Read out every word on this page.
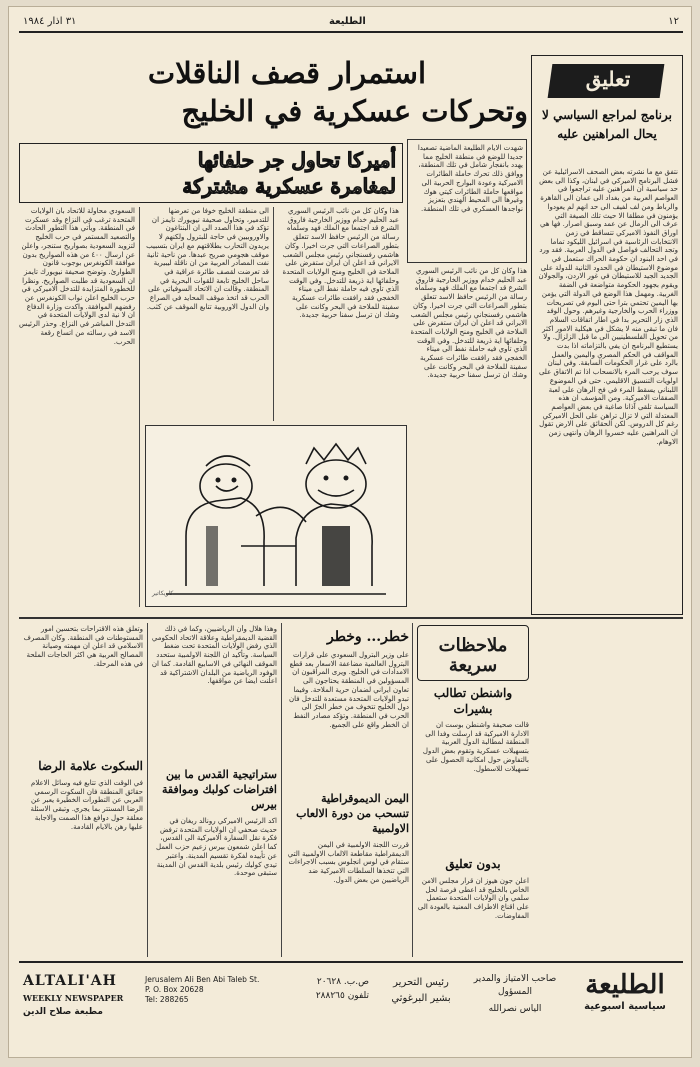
٣١ اذار ١٩٨٤	الطليعة	١٢
تعليق
برنامج لمراجع السياسي لا يحال المراهنين عليه
نتفق مع ما نشرته بعض الصحف الاسرائيلية عن فشل البرنامج الاميركي في لبنان، وكذا الى بعض حد سياسية ان المراهنين عليه تراجعوا في العواصم العربية من بغداد الى عمان الى القاهرة والرباط ومن لف لفيف الى حد انهم لم يعودوا يؤمنون في مطلقا الا حيث تلك الصيغة التي عرف الى الرمال عن عمد وسبق اصرار. فها هي اوراق النفوذ الاميركي تتساقط في زمن الانتخابات الرئاسية في اسرائيل الليكود تماما وتجد التحالف فواصل في الدول العربية. فقد ورد في احد البنود ان حكومة الحراك ستعمل في موضوع الاستيطان في الحدود الثانية للدولة على الجديد الجيد للاستيطان في غور الاردن، والجولان ويقوم بجهود الحكومة متواضعة في الضفة الغربية. ومهمل هذا الوضع في الدولة التي يؤمن بها اليمين تحتمي بترا حتى اليوم في تصريحات ووزراء الحرب والخارجية وغيرهم. وحول الوفد الذي زار التحرير بدا في اطار اتفاقات السلام فان ما تبقى منه لا يشكل في هيكلية الامور اكثر من تحويل الفلسطينيين الى ما قبل الزلزال. ولا يستطيع البرنامج ان يفي بالتزاماته اذا بدت المواقف في الحكم المصري واليمين والعمل بالرد على غرار الحكومات السابقة. وفي لبنان سوف يرحب المرء بالانسحاب اذا تم الاتفاق على اولويات التنسيق الاقليمي. حتى في الموضوع اللبناني يسقط المرء في فخ الرهان على لعبة الصفقات الاميركية. ومن المؤسف ان هذه السياسة تلقى آذانا صاغية في بعض العواصم المعتدلة التي لا تزال تراهن على الحل الاميركي رغم كل الدروس. لكن الحقائق على الارض تقول ان المراهنين عليه خسروا الرهان وانتهى زمن الاوهام.
استمرار قصف الناقلات
وتحركات عسكرية في الخليج
أميركا تحاول جر حلفائها
لمغامرة عسكرية مشتركة
شهدت الايام الطليعة الماضية تصعيدا جديدا للوضع في منطقة الخليج مما يهدد بانفجار شامل في تلك المنطقة، ووافق ذلك تحرك حاملة الطائرات الاميركية وعودة البوارج الحربية الى مواقعها حاملة الطائرات كيتي هوك وغيرها الى المحيط الهندي بتعزيز نواجدها العسكري في تلك المنطقة.
السعودي محاولة للاتحاد بان الولايات المتحدة ترغب في النزاع وقد عسكرت في المنطقة. ويأتي هذا التطور الحادث والتصعيد المستمر في حرب الخليج لتزويد السعودية بصواريخ ستنجر، واعلن عن ارسال ٤٠٠ من هذه الصواريخ بدون موافقة الكونغرس بوجوب قانون الطوارئ. وتوضح صحيفة نيويورك تايمز ان السعودية قد طلبت الصواريخ. ونظرا للخطورة المتزايدة للتدخل الاميركي في حرب الخليج اعلن نواب الكونغرس عن رفضهم الموافقة. واكدت وزارة الدفاع ان لا نية لدى الولايات المتحدة في التدخل المباشر في النزاع. وحذر الرئيس الاسد في رسالته من اتساع رقعة الحرب.
الى منطقة الخليج خوفا من تعرضها للتدمير، وتحاول صحيفة نيويورك تايمز ان تؤكد في هذا الصدد الى ان البنتاغون والاوروبيين في حاجة للبترول ولكنهم لا يريدون التحارب بطلاقتهم مع ايران بتسبيب موقف هجومي صريح عبدها. من ناحية ثانية نفت المصادر العربية من ان ناقلة ليبيرية قد تعرضت لقصف طائرة عراقية في ساحل الخليج تابعة للقوات البحرية في المنطقة. وقالت ان الاتحاد السوفياتي على الحرب قد اتخذ موقف المحايد في الصراع وان الدول الاوروبية تتابع الموقف عن كثب.
هذا وكان كل من نائب الرئيس السوري عبد الحليم خدام ووزير الخارجية فاروق الشرع قد اجتمعا مع الملك فهد وسلماه رسالة من الرئيس حافظ الاسد تتعلق بتطور الصراعات التي جرت اخيرا. وكان هاشمي رفسنجاني رئيس مجلس الشعب الايراني قد اعلن ان ايران ستفرض على الملاحة في الخليج ومنح الولايات المتحدة وحلفائها اية ذريعة للتدخل. وفي الوقت الذي تأوي فيه حاملة نفط الى ميناء الخفجي فقد رافقت طائرات عسكرية سفينة للملاحة في البحر وكانت على وشك ان ترسل سفنا حربية جديدة.
هذا وكان كل من نائب الرئيس السوري عبد الحليم خدام ووزير الخارجية فاروق الشرع قد اجتمعا مع الملك فهد وسلماه رسالة من الرئيس حافظ الاسد تتعلق بتطور الصراعات التي جرت اخيرا. وكان هاشمي رفسنجاني رئيس مجلس الشعب الايراني قد اعلن ان ايران ستفرض على الملاحة في الخليج ومنح الولايات المتحدة وحلفائها اية ذريعة للتدخل. وفي الوقت الذي تأوي فيه حاملة نفط الى ميناء الخفجي فقد رافقت طائرات عسكرية سفينة للملاحة في البحر وكانت على وشك ان ترسل سفنا حربية جديدة.
كاريكاتير
ملاحظات سريعة
واشنطن تطالب بشيرات
قالت صحيفة واشنطن بوست ان الادارة الاميركية قد ارسلت وفدا الى المنطقة لمطالبة الدول العربية بتسهيلات عسكرية وتقوم بعض الدول بالتفاوض حول امكانية الحصول على تسهيلات للاسطول.
بدون تعليق
اعلن جون هيوز ان قرار مجلس الامن الخاص بالخليج قد اعطى فرصة لحل سلمي وان الولايات المتحدة ستعمل على اقناع الاطراف المعنية بالعودة الى المفاوضات.
خطر... وخطر
على وزير البترول السعودي على قرارات البترول العالمية مضاعفة الاسعار بعد قطع الامدادات في الخليج. ويرى المراقبون ان المسؤولين في المنطقة يحتاجون الى تعاون ايراني لضمان حرية الملاحة. وفيما تبدو الولايات المتحدة مستعدة للتدخل فان دول الخليج تتخوف من خطر الجرّ الى الحرب في المنطقة. وتؤكد مصادر النفط ان الخطر واقع على الجميع.
اليمن الديموقراطية تنسحب من دورة الالعاب الاولمبية
قررت اللجنة الاولمبية في اليمن الديمقراطية مقاطعة الالعاب الاولمبية التي ستقام في لوس انجلوس بسبب الاجراءات التي تتخذها السلطات الاميركية ضد الرياضيين من بعض الدول.
وهذا هلال وأن الرياضيين، وكما في ذلك القضية الديمقراطية وعلاقة الاتحاد الحكومي الذي رفض الولايات المتحدة تحت ضغط السياسة. وتأكيد ان اللجنة الاولمبية ستحدد الموقف النهائي في الاسابيع القادمة. كما ان الوفود الرياضية من البلدان الاشتراكية قد اعلنت ايضا عن مواقفها.
ستراتيجية القدس ما بين افتراضات كولبك وموافقة بيرس
اكد الرئيس الاميركي رونالد ريغان في حديث صحفي ان الولايات المتحدة ترفض فكرة نقل السفارة الاميركية الى القدس، كما اعلن شمعون بيرس زعيم حزب العمل عن تأييده لفكرة تقسيم المدينة. واعتبر تيدي كوليك رئيس بلدية القدس ان المدينة ستبقى موحدة.
وتعلق هذه الاقتراحات بتحسين امور المستوطنات في المنطقة. وكان المصرف الاسلامي قد اعلن ان مهمته وصيانة المصالح العربية هي اكثر الحاجات الملحة في هذه المرحلة.
السكوت علامة الرضا
في الوقت الذي تتابع فيه وسائل الاعلام حقائق المنطقة فان السكوت الرسمي العربي عن التطورات الخطيرة يعبر عن الرضا المستتر بما يجري. وتبقى الاسئلة معلقة حول دوافع هذا الصمت والاجابة عليها رهن بالايام القادمة.
ALTALI'AH
WEEKLY NEWSPAPER
مطبعة صلاح الدين
Jerusalem Ali Ben Abi Taleb St.
P. O. Box 20628
Tel: 288265
ص.ب. ٢٠٦٢٨
تلفون ٢٨٨٢٦٥
رئيس التحرير
بشير البرغوثي
صاحب الامتياز والمدير المسؤول
الياس نصرالله
الطليعة
سياسية اسبوعية
